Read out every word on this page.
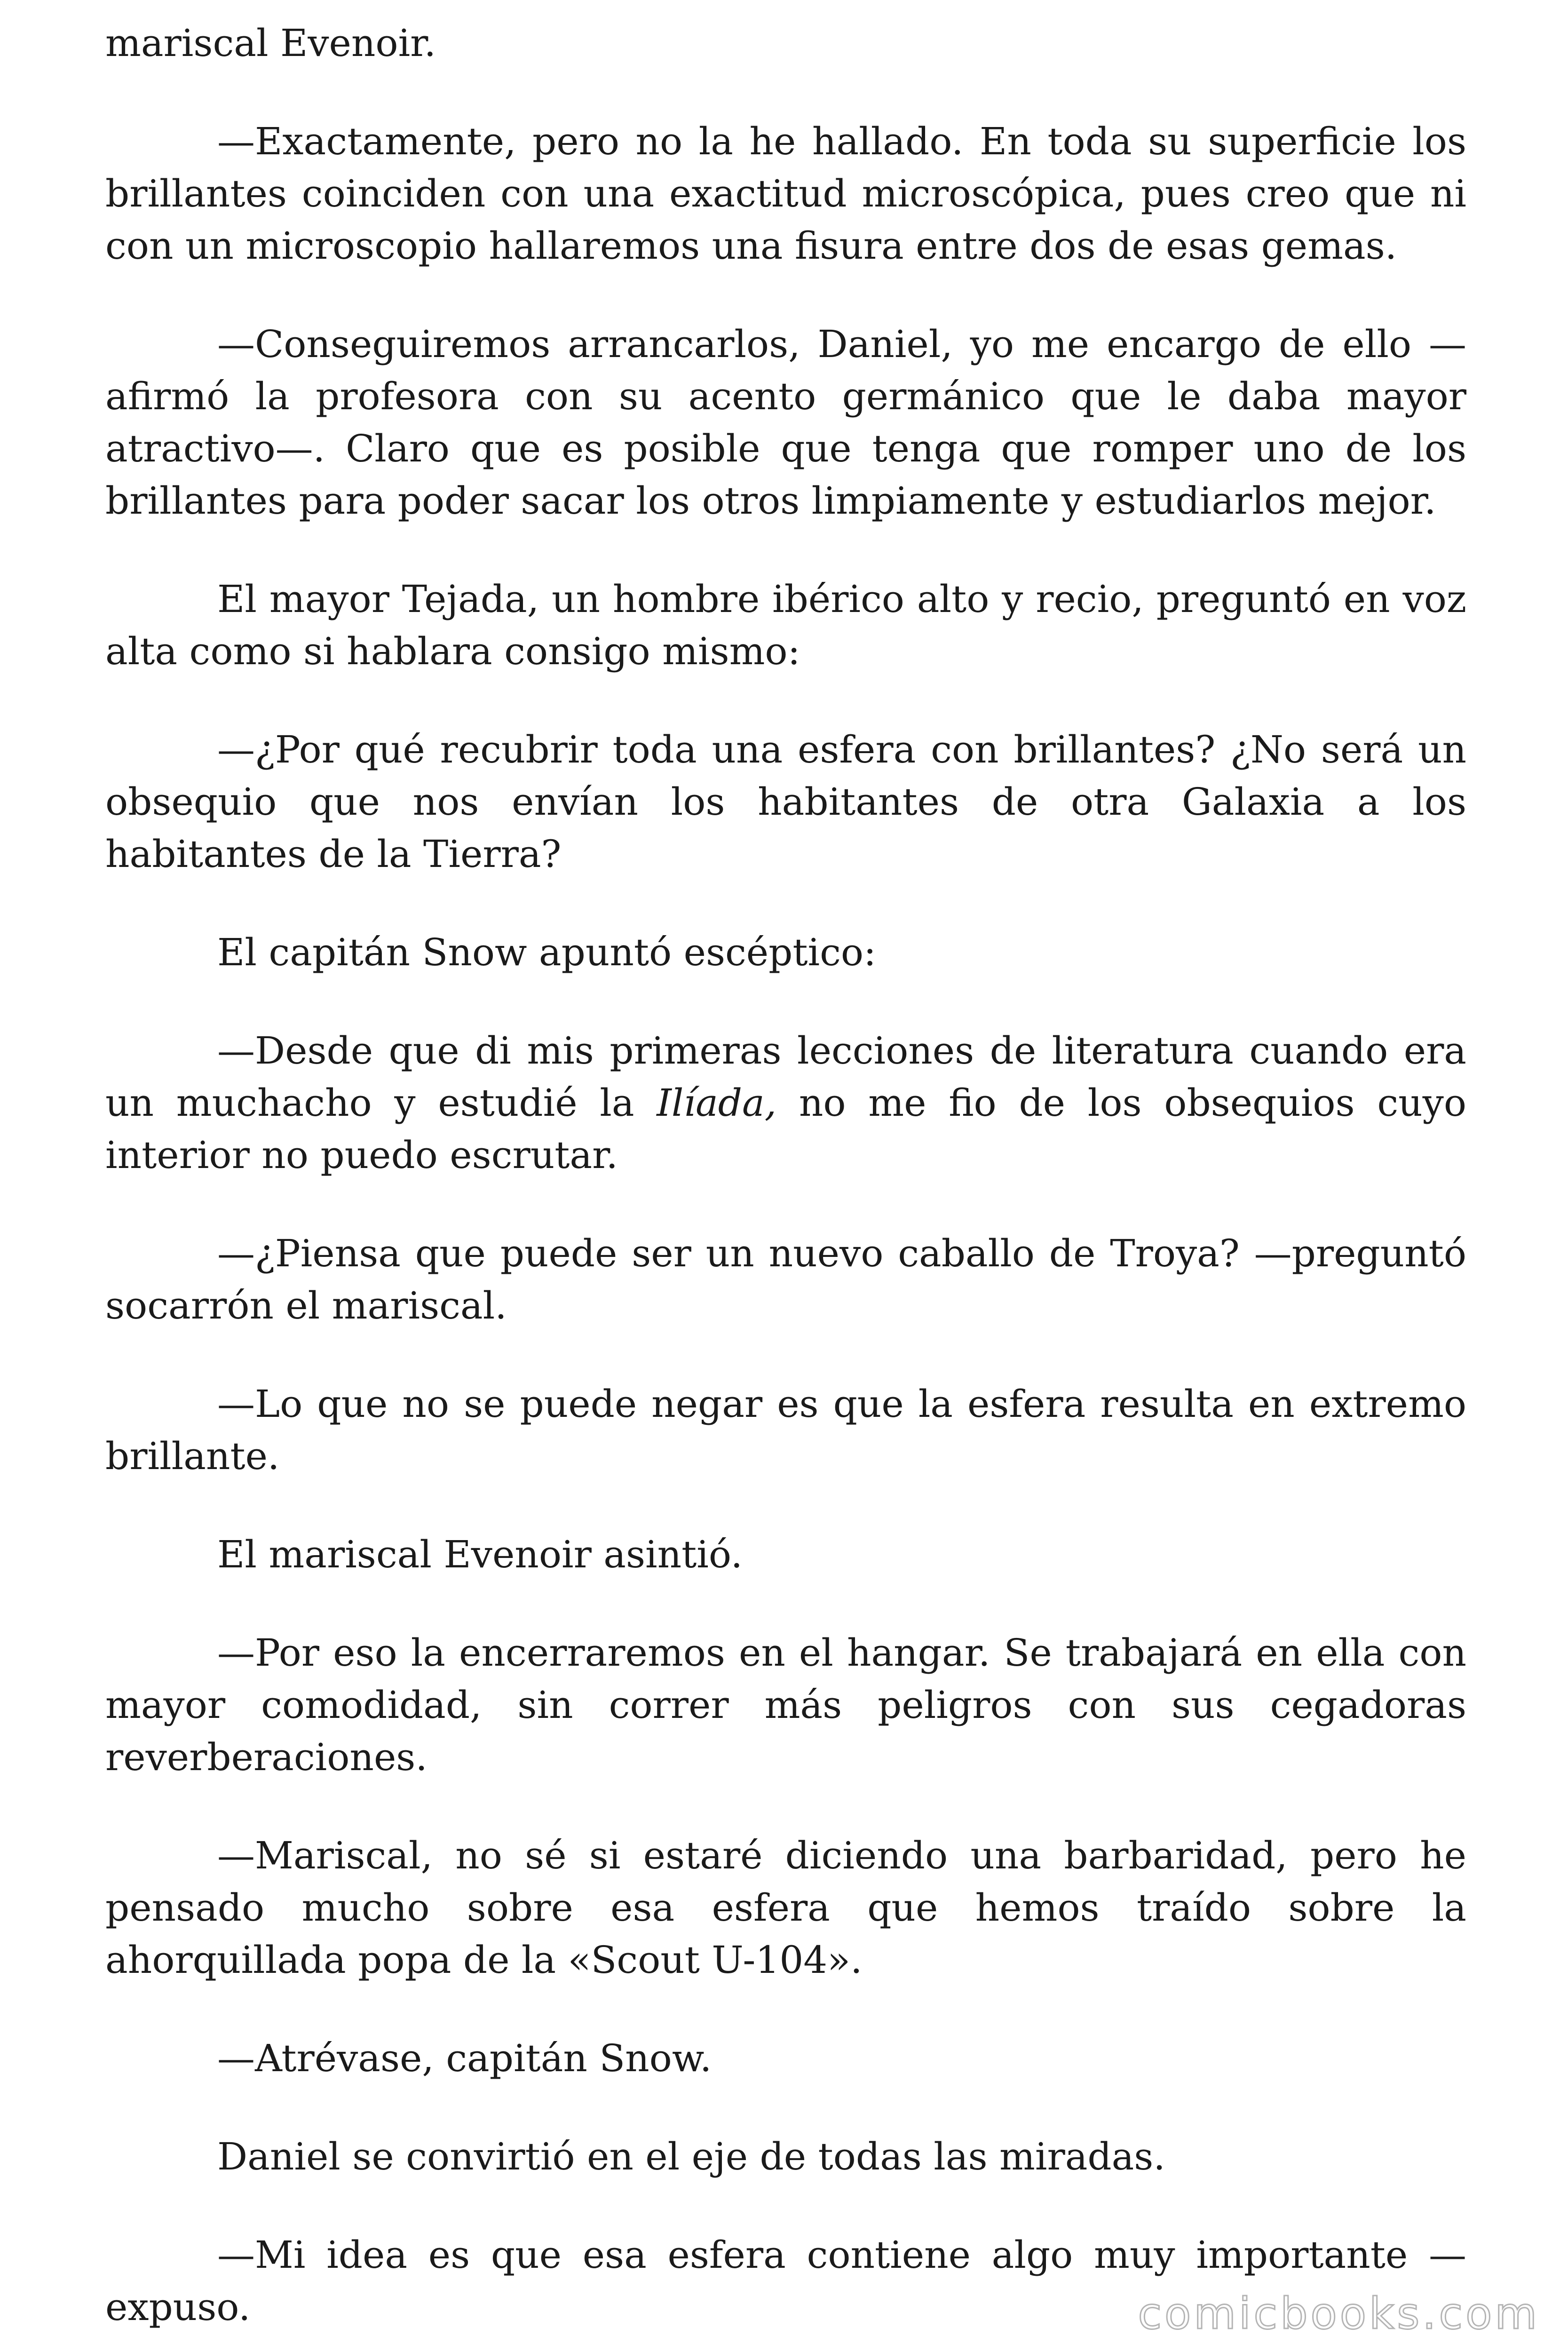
mariscal Evenoir.

—Exactamente, pero no la he hallado. En toda su superficie los brillantes coinciden con una exactitud microscópica, pues creo que ni con un microscopio hallaremos una fisura entre dos de esas gemas.

—Conseguiremos arrancarlos, Daniel, yo me encargo de ello —afirmó la profesora con su acento germánico que le daba mayor atractivo—. Claro que es posible que tenga que romper uno de los brillantes para poder sacar los otros limpiamente y estudiarlos mejor.

El mayor Tejada, un hombre ibérico alto y recio, preguntó en voz alta como si hablara consigo mismo:

—¿Por qué recubrir toda una esfera con brillantes? ¿No será un obsequio que nos envían los habitantes de otra Galaxia a los habitantes de la Tierra?

El capitán Snow apuntó escéptico:

—Desde que di mis primeras lecciones de literatura cuando era un muchacho y estudié la Ilíada, no me fio de los obsequios cuyo interior no puedo escrutar.

—¿Piensa que puede ser un nuevo caballo de Troya? —preguntó socarrón el mariscal.

—Lo que no se puede negar es que la esfera resulta en extremo brillante.

El mariscal Evenoir asintió.

—Por eso la encerraremos en el hangar. Se trabajará en ella con mayor comodidad, sin correr más peligros con sus cegadoras reverberaciones.

—Mariscal, no sé si estaré diciendo una barbaridad, pero he pensado mucho sobre esa esfera que hemos traído sobre la ahorquillada popa de la «Scout U-104».

—Atrévase, capitán Snow.

Daniel se convirtió en el eje de todas las miradas.

—Mi idea es que esa esfera contiene algo muy importante —expuso.	comicbooks.com
